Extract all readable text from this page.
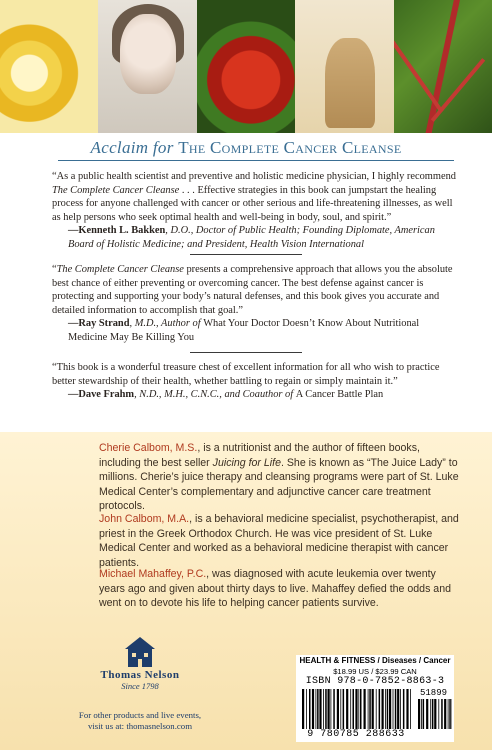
Acclaim for The Complete Cancer Cleanse
“As a public health scientist and preventive and holistic medicine physician, I highly recommend The Complete Cancer Cleanse . . . Effective strategies in this book can jumpstart the healing process for anyone challenged with cancer or other serious and life-threatening illnesses, as well as help persons who seek optimal health and well-being in body, soul, and spirit.”
—Kenneth L. Bakken, D.O., Doctor of Public Health; Founding Diplomate, American Board of Holistic Medicine; and President, Health Vision International
“The Complete Cancer Cleanse presents a comprehensive approach that allows you the absolute best chance of either preventing or overcoming cancer. The best defense against cancer is protecting and supporting your body’s natural defenses, and this book gives you accurate and detailed information to accomplish that goal.”
—Ray Strand, M.D., Author of What Your Doctor Doesn’t Know About Nutritional Medicine May Be Killing You
“This book is a wonderful treasure chest of excellent information for all who wish to practice better stewardship of their health, whether battling to regain or simply maintain it.”
—Dave Frahm, N.D., M.H., C.N.C., and Coauthor of A Cancer Battle Plan
Cherie Calbom, M.S., is a nutritionist and the author of fifteen books, including the best seller Juicing for Life. She is known as “The Juice Lady” to millions. Cherie’s juice therapy and cleansing programs were part of St. Luke Medical Center’s complementary and adjunctive cancer care treatment protocols.
John Calbom, M.A., is a behavioral medicine specialist, psychotherapist, and priest in the Greek Orthodox Church. He was vice president of St. Luke Medical Center and worked as a behavioral medicine therapist with cancer patients.
Michael Mahaffey, P.C., was diagnosed with acute leukemia over twenty years ago and given about thirty days to live. Mahaffey defied the odds and went on to devote his life to helping cancer patients survive.
Thomas Nelson
Since 1798
For other products and live events,
visit us at: thomasnelson.com
HEALTH & FITNESS / Diseases / Cancer
$18.99 US / $23.99 CAN
ISBN 978-0-7852-8863-3
51899
9 780785 288633
